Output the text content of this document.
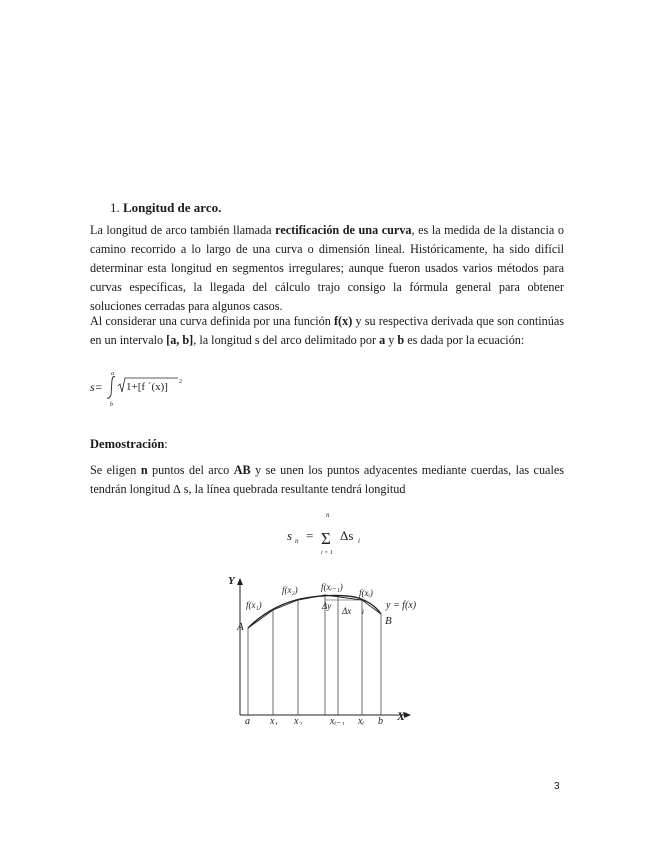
1. Longitud de arco.
La longitud de arco también llamada rectificación de una curva, es la medida de la distancia o camino recorrido a lo largo de una curva o dimensión lineal. Históricamente, ha sido difícil determinar esta longitud en segmentos irregulares; aunque fueron usados varios métodos para curvas específicas, la llegada del cálculo trajo consigo la fórmula general para obtener soluciones cerradas para algunos casos.
Al considerar una curva definida por una función f(x) y su respectiva derivada que son continúas en un intervalo [a, b], la longitud s del arco delimitado por a y b es dada por la ecuación:
s=
a
b
1+[f ´(x)] 2
Demostración:
Se eligen n puntos del arco AB y se unen los puntos adyacentes mediante cuerdas, las cuales tendrán longitud ∆ s, la línea quebrada resultante tendrá longitud
s n =
n
Σ
i = 1
Δs i
Y
X
A	B
y = f(x)
f(x₁)
f(x₂)	f(xᵢ₋₁)
f(xᵢ)
Δy Δx i
a x₁ x₂	xᵢ₋₁ xᵢ b
3
